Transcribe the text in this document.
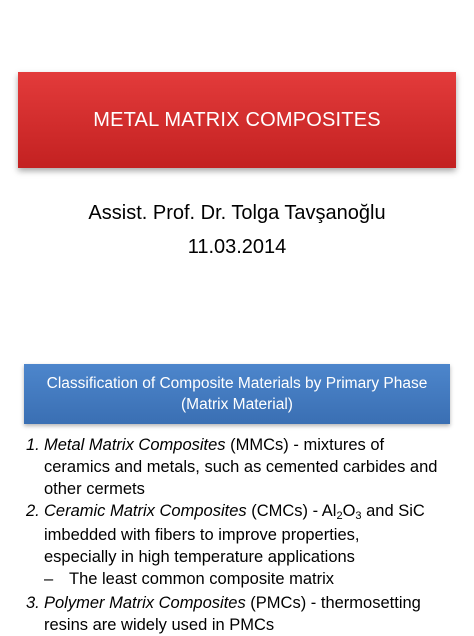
METAL MATRIX COMPOSITES
Assist. Prof. Dr. Tolga Tavşanoğlu
11.03.2014
Classification of Composite Materials by Primary Phase
(Matrix Material)
1. Metal Matrix Composites (MMCs) - mixtures of
ceramics and metals, such as cemented carbides and
other cermets
2. Ceramic Matrix Composites (CMCs) - Al2O3 and SiC
imbedded with fibers to improve properties,
especially in high temperature applications
– The least common composite matrix
3. Polymer Matrix Composites (PMCs) - thermosetting
resins are widely used in PMCs
